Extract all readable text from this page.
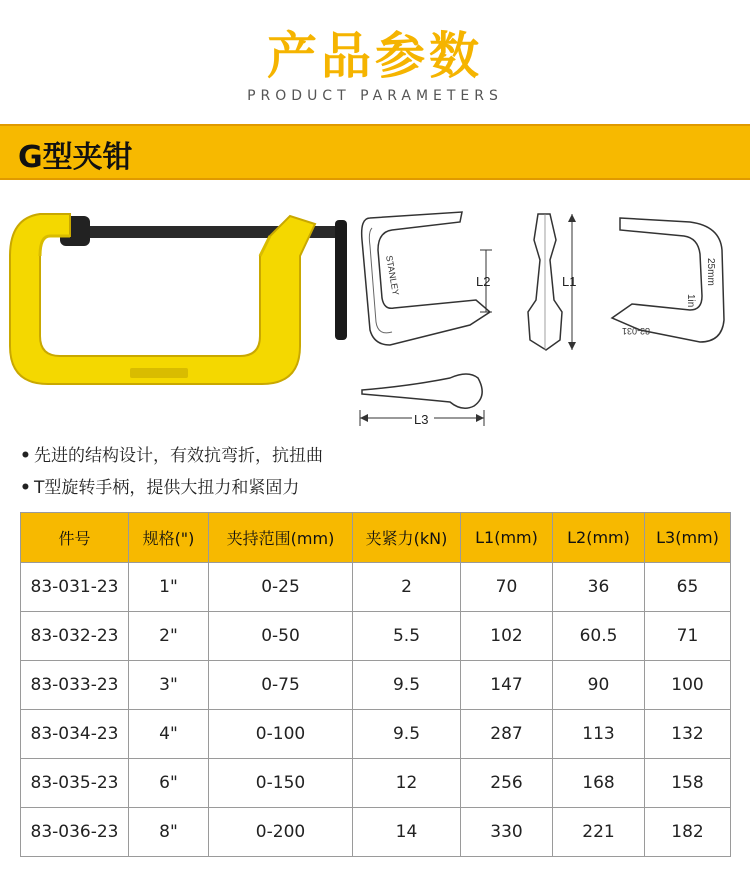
产品参数
PRODUCT PARAMETERS
G型夹钳
STANLEY	L2	L1	25mm
1in
83-031
L3
• 先进的结构设计，有效抗弯折，抗扭曲
• T型旋转手柄，提供大扭力和紧固力
件号	规格(")	夹持范围(mm)	夹紧力(kN)	L1(mm)	L2(mm)	L3(mm)
83-031-23	1"	0-25	2	70	36	65
83-032-23	2"	0-50	5.5	102	60.5	71
83-033-23	3"	0-75	9.5	147	90	100
83-034-23	4"	0-100	9.5	287	113	132
83-035-23	6"	0-150	12	256	168	158
83-036-23	8"	0-200	14	330	221	182
